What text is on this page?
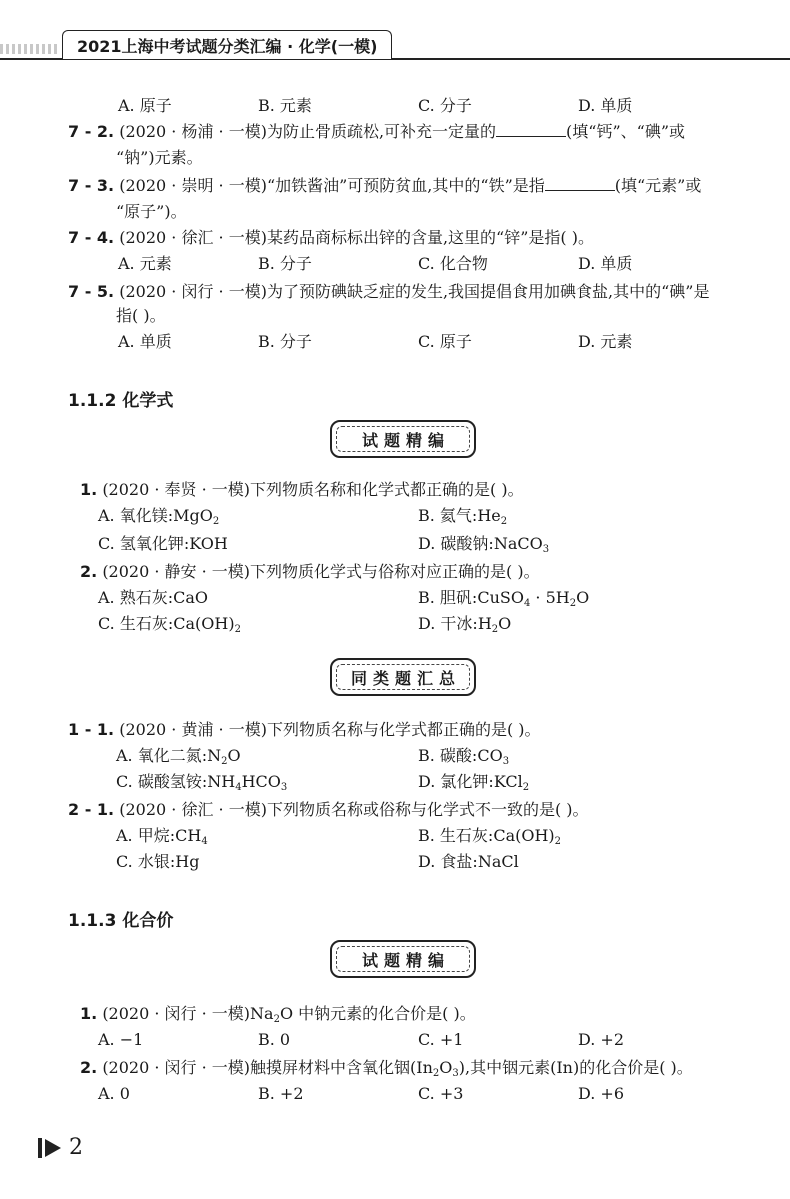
2021上海中考试题分类汇编 · 化学(一模)
A. 原子	B. 元素	C. 分子	D. 单质
7 - 2. (2020 · 杨浦 · 一模)为防止骨质疏松,可补充一定量的	(填“钙”、“碘”或
“钠”)元素。
7 - 3. (2020 · 崇明 · 一模)“加铁酱油”可预防贫血,其中的“铁”是指	(填“元素”或
“原子”)。
7 - 4. (2020 · 徐汇 · 一模)某药品商标标出锌的含量,这里的“锌”是指( )。
A. 元素	B. 分子	C. 化合物	D. 单质
7 - 5. (2020 · 闵行 · 一模)为了预防碘缺乏症的发生,我国提倡食用加碘食盐,其中的“碘”是
指( )。
A. 单质	B. 分子	C. 原子	D. 元素
1.1.2 化学式
试题精编
1. (2020 · 奉贤 · 一模)下列物质名称和化学式都正确的是( )。
A. 氧化镁:MgO$_2$	B. 氦气$:He_2$
C. 氢氧化钾:KOH	D. 碳酸钠:NaCO$_3$
2. (2020 · 静安 · 一模)下列物质化学式与俗称对应正确的是( )。
A. 熟石灰:CaO	B. 胆矾:CuSO$_4$ · $5H_2O$
C. 生石灰$:Ca(OH)_2$	D. 干冰$:H_2O$
同类题汇总
1 - 1. (2020 · 黄浦 · 一模)下列物质名称与化学式都正确的是( )。
A. 氧化二氮$:N_2O$	B. 碳酸$:CO_3$
C. 碳酸氢铵$:NH_4HCO_3$	D. 氯化钾:KCl$_2$
2 - 1. (2020 · 徐汇 · 一模)下列物质名称或俗称与化学式不一致的是( )。
A. 甲烷$:CH_4$	B. 生石灰$:Ca(OH)_2$
C. 水银:Hg	D. 食盐:NaCl
1.1.3 化合价
试题精编
1. (2020 · 闵行 · 一模)$Na_2O$ 中钠元素的化合价是( )。
A. −1	B. 0	C. +1	D. +2
2. (2020 · 闵行 · 一模)触摸屏材料中含氧化铟$(In_2O_3)$,其中铟元素(In)的化合价是( )。
A. 0	B. +2	C. +3	D. +6
2
